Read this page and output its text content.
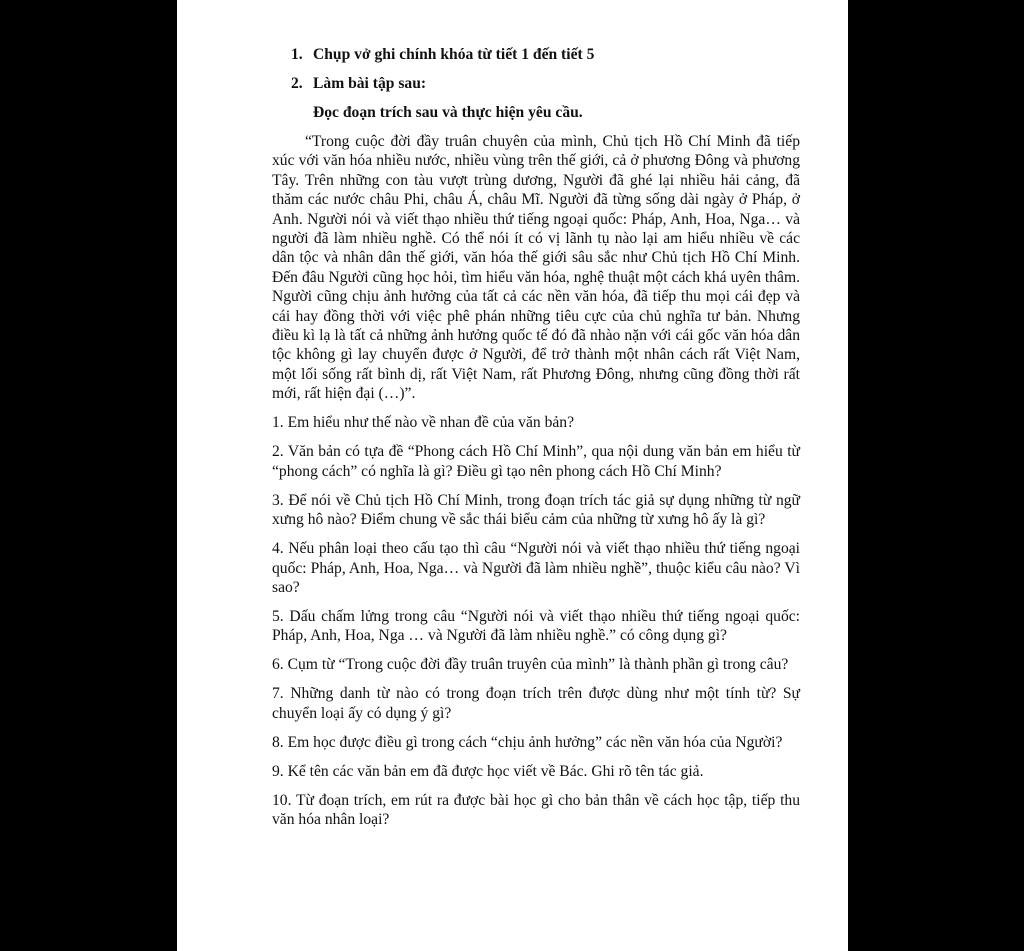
1. Chụp vở ghi chính khóa từ tiết 1 đến tiết 5
2. Làm bài tập sau:
Đọc đoạn trích sau và thực hiện yêu cầu.

“Trong cuộc đời đầy truân chuyên của mình, Chủ tịch Hồ Chí Minh đã tiếp xúc với văn hóa nhiều nước, nhiều vùng trên thế giới, cả ở phương Đông và phương Tây. Trên những con tàu vượt trùng dương, Người đã ghé lại nhiều hải cảng, đã thăm các nước châu Phi, châu Á, châu Mĩ. Người đã từng sống dài ngày ở Pháp, ở Anh. Người nói và viết thạo nhiều thứ tiếng ngoại quốc: Pháp, Anh, Hoa, Nga… và người đã làm nhiều nghề. Có thể nói ít có vị lãnh tụ nào lại am hiểu nhiều về các dân tộc và nhân dân thế giới, văn hóa thế giới sâu sắc như Chủ tịch Hồ Chí Minh. Đến đâu Người cũng học hỏi, tìm hiểu văn hóa, nghệ thuật một cách khá uyên thâm. Người cũng chịu ảnh hưởng của tất cả các nền văn hóa, đã tiếp thu mọi cái đẹp và cái hay đồng thời với việc phê phán những tiêu cực của chủ nghĩa tư bản. Nhưng điều kì lạ là tất cả những ảnh hưởng quốc tế đó đã nhào nặn với cái gốc văn hóa dân tộc không gì lay chuyển được ở Người, để trở thành một nhân cách rất Việt Nam, một lối sống rất bình dị, rất Việt Nam, rất Phương Đông, nhưng cũng đồng thời rất mới, rất hiện đại (…)”.

1. Em hiểu như thế nào về nhan đề của văn bản?

2. Văn bản có tựa đề “Phong cách Hồ Chí Minh”, qua nội dung văn bản em hiểu từ “phong cách” có nghĩa là gì? Điều gì tạo nên phong cách Hồ Chí Minh?

3. Để nói về Chủ tịch Hồ Chí Minh, trong đoạn trích tác giả sự dụng những từ ngữ xưng hô nào? Điểm chung về sắc thái biểu cảm của những từ xưng hô ấy là gì?

4. Nếu phân loại theo cấu tạo thì câu “Người nói và viết thạo nhiều thứ tiếng ngoại quốc: Pháp, Anh, Hoa, Nga… và Người đã làm nhiều nghề”, thuộc kiểu câu nào? Vì sao?

5. Dấu chấm lửng trong câu “Người nói và viết thạo nhiều thứ tiếng ngoại quốc: Pháp, Anh, Hoa, Nga … và Người đã làm nhiều nghề.” có công dụng gì?

6. Cụm từ “Trong cuộc đời đầy truân truyên của mình” là thành phần gì trong câu?

7. Những danh từ nào có trong đoạn trích trên được dùng như một tính từ? Sự chuyển loại ấy có dụng ý gì?

8. Em học được điều gì trong cách “chịu ảnh hưởng” các nền văn hóa của Người?

9. Kể tên các văn bản em đã được học viết về Bác. Ghi rõ tên tác giả.

10. Từ đoạn trích, em rút ra được bài học gì cho bản thân về cách học tập, tiếp thu văn hóa nhân loại?
